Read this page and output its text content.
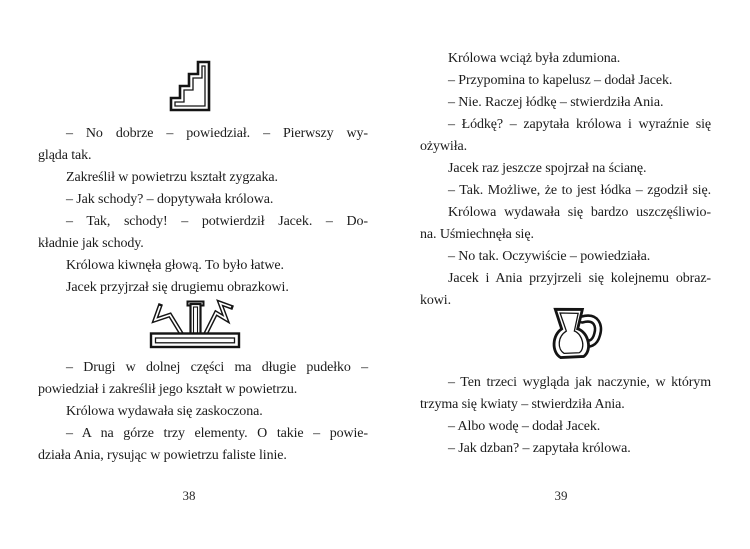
– No dobrze – powiedział. – Pierwszy wy-
gląda tak.
Zakreślił w powietrzu kształt zygzaka.
– Jak schody? – dopytywała królowa.
– Tak, schody! – potwierdził Jacek. – Do-
kładnie jak schody.
Królowa kiwnęła głową. To było łatwe.
Jacek przyjrzał się drugiemu obrazkowi.
– Drugi w dolnej części ma długie pudełko –
powiedział i zakreślił jego kształt w powietrzu.
Królowa wydawała się zaskoczona.
– A na górze trzy elementy. O takie – powie-
działa Ania, rysując w powietrzu faliste linie.
Królowa wciąż była zdumiona.
– Przypomina to kapelusz – dodał Jacek.
– Nie. Raczej łódkę – stwierdziła Ania.
– Łódkę? – zapytała królowa i wyraźnie się
ożywiła.
Jacek raz jeszcze spojrzał na ścianę.
– Tak. Możliwe, że to jest łódka – zgodził się.
Królowa wydawała się bardzo uszczęśliwio-
na. Uśmiechnęła się.
– No tak. Oczywiście – powiedziała.
Jacek i Ania przyjrzeli się kolejnemu obraz-
kowi.
– Ten trzeci wygląda jak naczynie, w którym
trzyma się kwiaty – stwierdziła Ania.
– Albo wodę – dodał Jacek.
– Jak dzban? – zapytała królowa.
38	39
